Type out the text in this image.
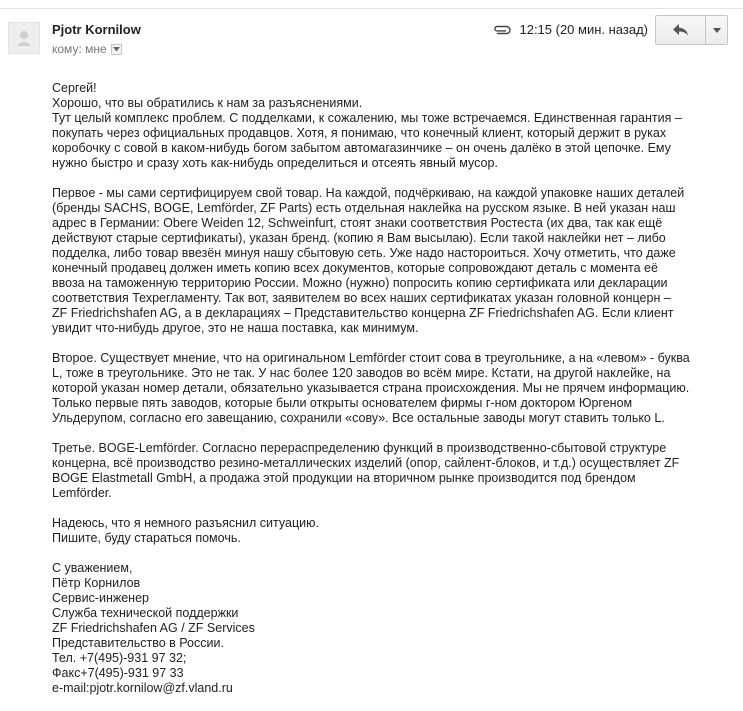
Pjotr Kornilow
кому: мне
12:15 (20 мин. назад)

Сергей!
Хорошо, что вы обратились к нам за разъяснениями.
Тут целый комплекс проблем. С подделками, к сожалению, мы тоже встречаемся. Единственная гарантия –
покупать через официальных продавцов. Хотя, я понимаю, что конечный клиент, который держит в руках
коробочку с совой в каком-нибудь богом забытом автомагазинчике – он очень далёко в этой цепочке. Ему
нужно быстро и сразу хоть как-нибудь определиться и отсеять явный мусор.

Первое - мы сами сертифицируем свой товар. На каждой, подчёркиваю, на каждой упаковке наших деталей
(бренды SACHS, BOGE, Lemförder, ZF Parts) есть отдельная наклейка на русском языке. В ней указан наш
адрес в Германии: Obere Weiden 12, Schweinfurt, стоят знаки соответствия Ростеста (их два, так как ещё
действуют старые сертификаты), указан бренд. (копию я Вам высылаю). Если такой наклейки нет – либо
подделка, либо товар ввезён минуя нашу сбытовую сеть. Уже надо настороиться. Хочу отметить, что даже
конечный продавец должен иметь копию всех документов, которые сопровождают деталь с момента её
ввоза на таможенную территорию России. Можно (нужно) попросить копию сертификата или декларации
соответствия Техрегламенту. Так вот, заявителем во всех наших сертификатах указан головной концерн –
ZF Friedrichshafen AG, а в декларациях – Представительство концерна ZF Friedrichshafen AG. Если клиент
увидит что-нибудь другое, это не наша поставка, как минимум.

Второе. Существует мнение, что на оригинальном Lemförder стоит сова в треугольнике, а на «левом» - буква
L, тоже в треугольнике. Это не так. У нас более 120 заводов во всём мире. Кстати, на другой наклейке, на
которой указан номер детали, обязательно указывается страна происхождения. Мы не прячем информацию.
Только первые пять заводов, которые были открыты основателем фирмы г-ном доктором Юргеном
Ульдерупом, согласно его завещанию, сохранили «сову». Все остальные заводы могут ставить только L.

Третье. BOGE-Lemförder. Согласно перераспределению функций в производственно-сбытовой структуре
концерна, всё производство резино-металлических изделий (опор, сайлент-блоков, и т.д.) осуществляет ZF
BOGE Elastmetall GmbH, а продажа этой продукции на вторичном рынке производится под брендом
Lemförder.

Надеюсь, что я немного разъяснил ситуацию.
Пишите, буду стараться помочь.

С уважением,
Пётр Корнилов
Сервис-инженер
Служба технической поддержки
ZF Friedrichshafen AG / ZF Services
Представительство в России.
Тел. +7(495)-931 97 32;
Факс+7(495)-931 97 33
e-mail:pjotr.kornilow@zf.vland.ru
